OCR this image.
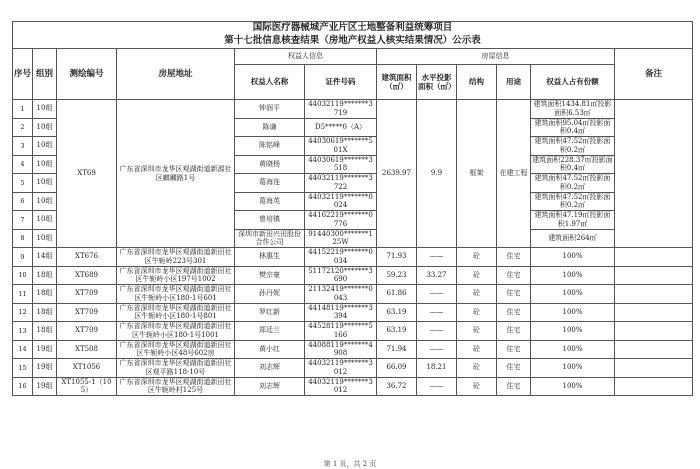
国际医疗器械城产业片区土地整备利益统筹项目
第十七批信息核查结果（房地产权益人核实结果情况）公示表											

序号	组别	测绘编号	房屋地址	权益人信息		房屋信息					备注
				权益人名称	证件号码	建筑面积（㎡）	水平投影面积（㎡）	结构	用途	权益人占有份额	
1	10组	XT69	广东省深圳市龙华区观湖街道新源社区麒麟路1号	钟润平	44032119*******3719	2639.97	9.9	框架	在建工程	建筑面积1434.81㎡投影面积6.53㎡	
2	10组			陈谦	D5*****0（A）					建筑面积95.04㎡投影面积0.4㎡	
3	10组			陈铭峰	44030619*******501X					建筑面积47.52㎡投影面积0.2㎡	
4	10组			黄晓杨	44030619*******3518					建筑面积228.37㎡投影面积0.4㎡	
5	10组			葛海连	44032119*******3722					建筑面积47.52㎡投影面积0.2㎡	
6	10组			葛海英	44032119*******0024					建筑面积47.52㎡投影面积0.2㎡	
7	10组			曾培镇	44162219*******0776					建筑面积47.19㎡投影面积1.97㎡	
8	10组			深圳市新田兴田股份合作公司	91440300*******125W					建筑面积264㎡	
9	14组	XT676	广东省深圳市龙华区观湖街道新田社区牛轭岭223号301	林惠生	44152219*******0034	71.93	——	砼	住宅	100%	
10	18组	XT689	广东省深圳市龙华区观湖街道新田社区牛轭岭小区197号1002	樊宗豪	51172120*******3690	59.23	33.27	砼	住宅	100%	
11	18组	XT709	广东省深圳市龙华区观湖街道新田社区牛轭岭小区180-1号601	孙丹妮	21132419*******0043	61.86	——	砼	住宅	100%	
12	18组	XT709	广东省深圳市龙华区观湖街道新田社区牛轭岭小区180-1号801	罗红新	44148119*******3394	63.19	——	砼	住宅	100%	
13	18组	XT709	广东省深圳市龙华区观湖街道新田社区牛轭岭小区180-1号1001	郑廷兰	44528119*******5166	63.19	——	砼	住宅	100%	
14	19组	XT508	广东省深圳市龙华区观湖街道新田社区牛轭岭小区48号602房	黄小红	44088119*******4908	71.94	——	砼	住宅	100%	
15	19组	XT1056	广东省深圳市龙华区观湖街道新田社区观平路118-10号	刘志辉	44032119*******3012	66.09	18.21	砼	住宅	100%	
16	19组	XT1055-1（105）	广东省深圳市龙华区观湖街道新田社区牛轭岭村125号	刘志辉	44032119*******3012	36.72	——	砼	住宅	100%	
第 1 页，共 2 页
